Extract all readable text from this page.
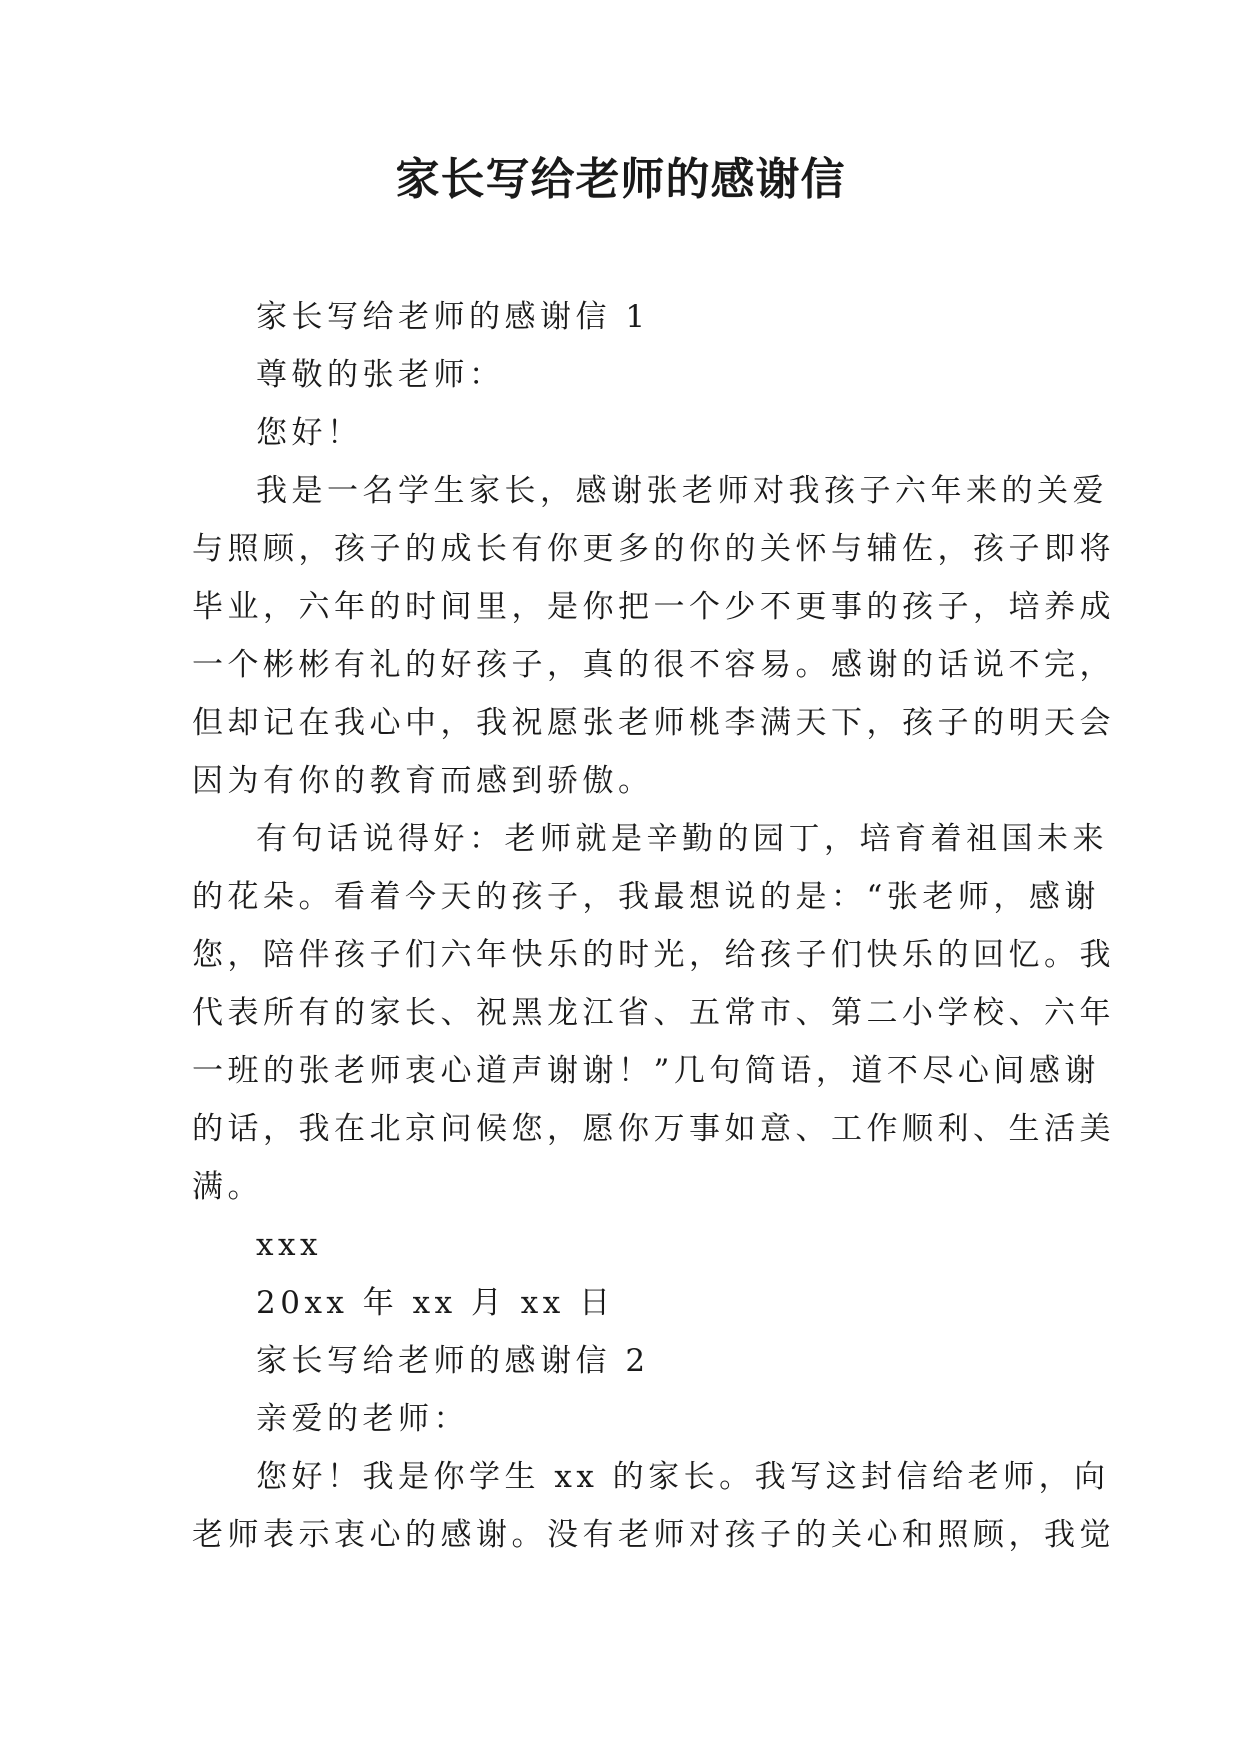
家长写给老师的感谢信
家长写给老师的感谢信 1
尊敬的张老师：
您好！
我是一名学生家长，感谢张老师对我孩子六年来的关爱
与照顾，孩子的成长有你更多的你的关怀与辅佐，孩子即将
毕业，六年的时间里，是你把一个少不更事的孩子，培养成
一个彬彬有礼的好孩子，真的很不容易。感谢的话说不完，
但却记在我心中，我祝愿张老师桃李满天下，孩子的明天会
因为有你的教育而感到骄傲。
有句话说得好：老师就是辛勤的园丁，培育着祖国未来
的花朵。看着今天的孩子，我最想说的是：“张老师，感谢
您，陪伴孩子们六年快乐的时光，给孩子们快乐的回忆。我
代表所有的家长、祝黑龙江省、五常市、第二小学校、六年
一班的张老师衷心道声谢谢！”几句简语，道不尽心间感谢
的话，我在北京问候您，愿你万事如意、工作顺利、生活美
满。
xxx
20xx 年 xx 月 xx 日
家长写给老师的感谢信 2
亲爱的老师：
您好！我是你学生 xx 的家长。我写这封信给老师，向
老师表示衷心的感谢。没有老师对孩子的关心和照顾，我觉
